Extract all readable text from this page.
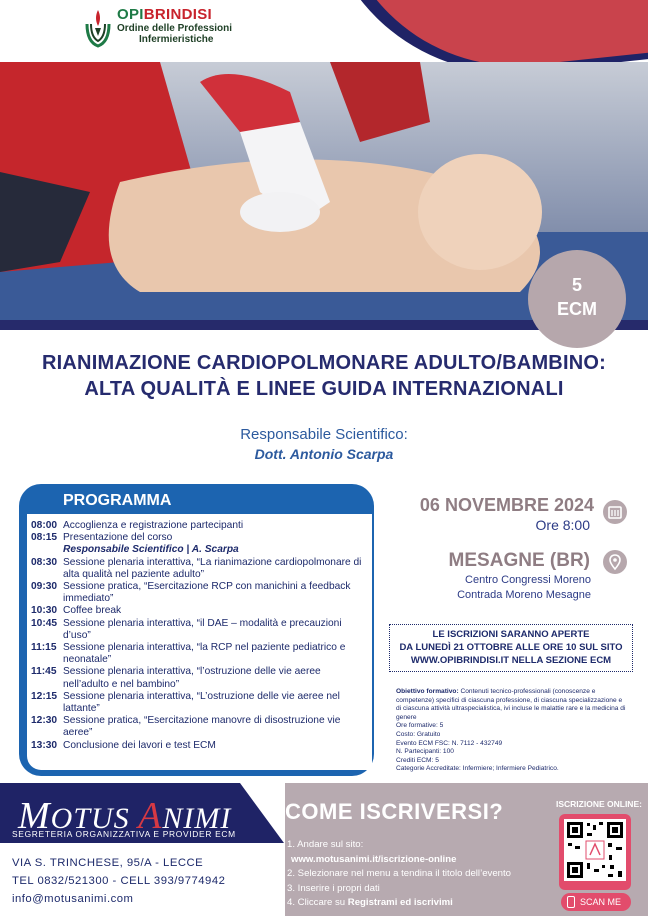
OPIBRINDISI
Ordine delle Professioni
Infermieristiche
5
ECM
RIANIMAZIONE CARDIOPOLMONARE ADULTO/BAMBINO:
ALTA QUALITÀ E LINEE GUIDA INTERNAZIONALI
Responsabile Scientifico:
Dott. Antonio Scarpa
PROGRAMMA
08:00 Accoglienza e registrazione partecipanti
08:15 Presentazione del corso
Responsabile Scientifico | A. Scarpa
08:30 Sessione plenaria interattiva, “La rianimazione cardiopolmonare di alta qualità nel paziente adulto”
09:30 Sessione pratica, “Esercitazione RCP con manichini a feedback immediato”
10:30 Coffee break
10:45 Sessione plenaria interattiva, “il DAE – modalità e precauzioni d’uso”
11:15 Sessione plenaria interattiva, “la RCP nel paziente pediatrico e neonatale”
11:45 Sessione plenaria interattiva, “l’ostruzione delle vie aeree nell’adulto e nel bambino”
12:15 Sessione plenaria interattiva, “L’ostruzione delle vie aeree nel lattante”
12:30 Sessione pratica, “Esercitazione manovre di disostruzione vie aeree”
13:30 Conclusione dei lavori e test ECM
06 NOVEMBRE 2024
Ore 8:00
MESAGNE (BR)
Centro Congressi Moreno
Contrada Moreno Mesagne
LE ISCRIZIONI SARANNO APERTE
DA LUNEDÌ 21 OTTOBRE ALLE ORE 10 SUL SITO
WWW.OPIBRINDISI.IT NELLA SEZIONE ECM
Obiettivo formativo: Contenuti tecnico-professionali (conoscenze e competenze) specifici di ciascuna professione, di ciascuna specializzazione e di ciascuna attività ultraspecialistica, ivi incluse le malattie rare e la medicina di genere
Ore formative: 5
Costo: Gratuito
Evento ECM FSC: N. 7112 - 432749
N. Partecipanti: 100
Crediti ECM: 5
Categorie Accreditate: Infermiere; Infermiere Pediatrico.
MOTUS ANIMI
SEGRETERIA ORGANIZZATIVA E PROVIDER ECM
VIA S. TRINCHESE, 95/A - LECCE
TEL 0832/521300 - CELL 393/9774942
info@motusanimi.com
COME ISCRIVERSI?
1. Andare sul sito:
www.motusanimi.it/iscrizione-online
2. Selezionare nel menu a tendina il titolo dell’evento
3. Inserire i propri dati
4. Cliccare su Registrami ed iscrivimi
ISCRIZIONE ONLINE:
SCAN ME
